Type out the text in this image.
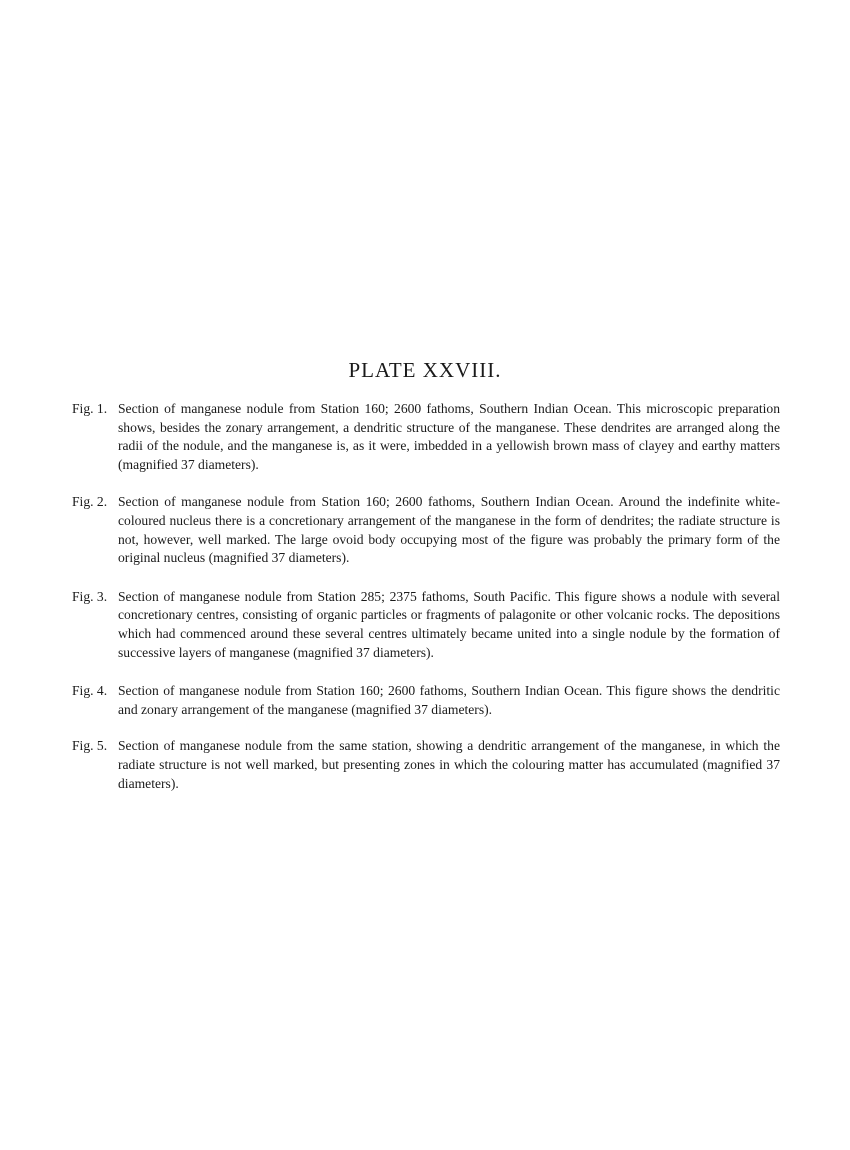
PLATE XXVIII.
Fig. 1. Section of manganese nodule from Station 160; 2600 fathoms, Southern Indian Ocean. This microscopic preparation shows, besides the zonary arrangement, a dendritic structure of the manganese. These dendrites are arranged along the radii of the nodule, and the manganese is, as it were, imbedded in a yellowish brown mass of clayey and earthy matters (magnified 37 diameters).
Fig. 2. Section of manganese nodule from Station 160; 2600 fathoms, Southern Indian Ocean. Around the indefinite white-coloured nucleus there is a concretionary arrangement of the manganese in the form of dendrites; the radiate structure is not, however, well marked. The large ovoid body occupying most of the figure was probably the primary form of the original nucleus (magnified 37 diameters).
Fig. 3. Section of manganese nodule from Station 285; 2375 fathoms, South Pacific. This figure shows a nodule with several concretionary centres, consisting of organic particles or fragments of palagonite or other volcanic rocks. The depositions which had commenced around these several centres ultimately became united into a single nodule by the formation of successive layers of manganese (magnified 37 diameters).
Fig. 4. Section of manganese nodule from Station 160; 2600 fathoms, Southern Indian Ocean. This figure shows the dendritic and zonary arrangement of the manganese (magnified 37 diameters).
Fig. 5. Section of manganese nodule from the same station, showing a dendritic arrangement of the manganese, in which the radiate structure is not well marked, but presenting zones in which the colouring matter has accumulated (magnified 37 diameters).
